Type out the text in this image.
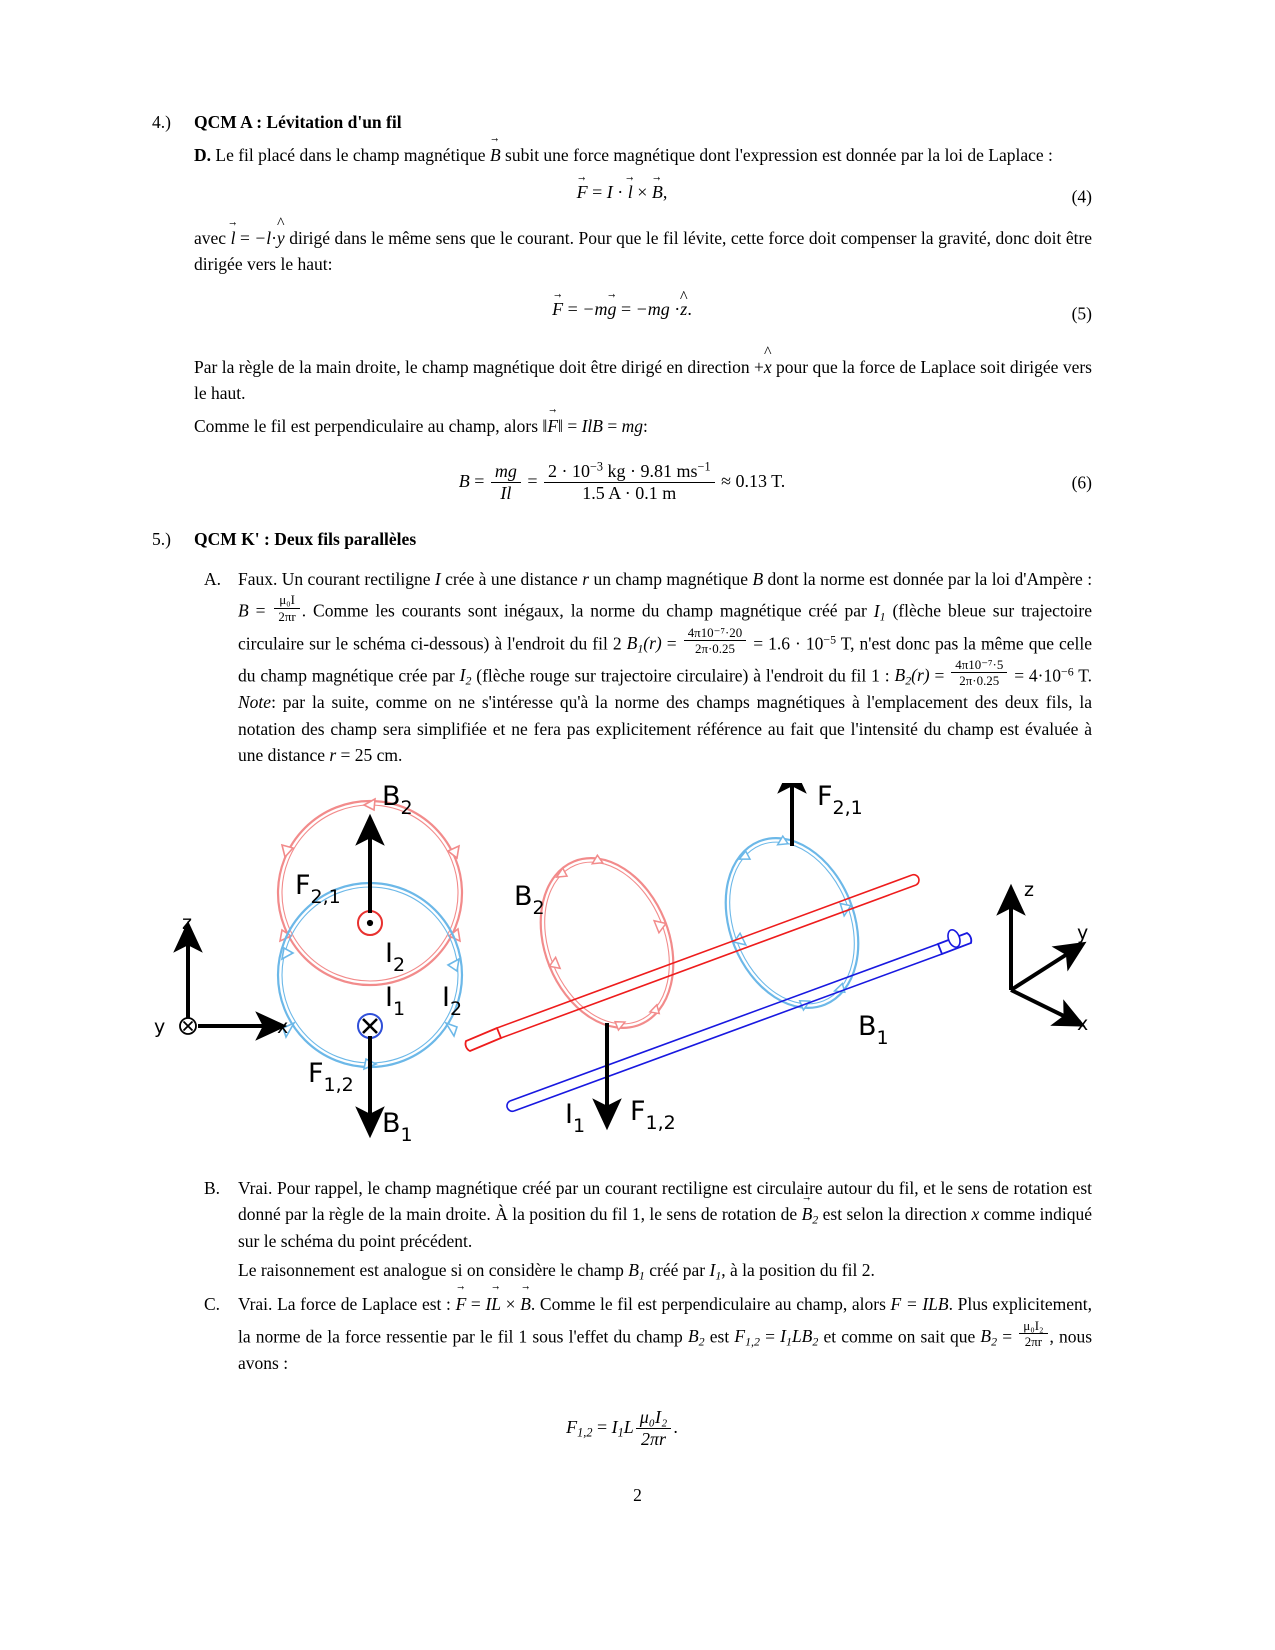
4.) QCM A : Lévitation d'un fil
D. Le fil placé dans le champ magnétique B → subit une force magnétique dont l'expression est donnée par la loi de Laplace :
F → = I · l → × B →,	(4)
avec l → = −l·y ^ dirigé dans le même sens que le courant. Pour que le fil lévite, cette force doit compenser la gravité, donc doit être dirigée vers le haut:
F → = −mg → = −mg ·z ^.	(5)
Par la règle de la main droite, le champ magnétique doit être dirigé en direction +x ^ pour que la force de Laplace soit dirigée vers le haut.
Comme le fil est perpendiculaire au champ, alors ‖F →‖ = IlB = mg:
$B = \frac{mg}{Il} = \frac{2 \cdot 10^{-3} kg \cdot 9.81 ms^{-1}}{1.5 A \cdot 0.1 m} \approx 0.13$ T.	(6)
5.) QCM K' : Deux fils parallèles
A. Faux. Un courant rectiligne I crée à une distance r un champ magnétique B dont la norme est donnée par la loi d'Ampère : $B = \frac{\text{μ₀I}}{2\pi r}$ . Comme les courants sont inégaux, la norme du champ magnétique créé par $I_1$ (flèche bleue sur trajectoire circulaire sur le schéma ci-dessous) à l'endroit du fil 2 $B_1(r) = \frac{\text{4π10⁻⁷·20}}{2\pi\cdot 0.25} = 1.6 \cdot 10^{-5}$ T, n'est donc pas la même que celle du champ magnétique crée par $I_2$ (flèche rouge sur trajectoire circulaire) à l'endroit du fil 1 : $B_2(r) = \frac{\text{4π10⁻⁷·5}}{2\pi\cdot 0.25} = 4\cdot 10^{-6}$ T. Note: par la suite, comme on ne s'intéresse qu'à la norme des champs magnétiques à l'emplacement des deux fils, la notation des champ sera simplifiée et ne fera pas explicitement référence au fait que l'intensité du champ est évaluée à une distance r = 25 cm.
$B_2$
$B_1$
$F_{2,1}$
$F_{1,2}$
$I_2$
$I_1$
z
x
y
$F_{2,1}$
$F_{1,2}$
$B_2$
$B_1$
$I_2$
$I_1$
z
y
x
B. Vrai. Pour rappel, le champ magnétique créé par un courant rectiligne est circulaire autour du fil, et le sens de rotation est donné par la règle de la main droite. À la position du fil 1, le sens de rotation de $B \to_2$ est selon la direction x comme indiqué sur le schéma du point précédent.
Le raisonnement est analogue si on considère le champ $B_1$ créé par $I_1$, à la position du fil 2.
C. Vrai. La force de Laplace est : F → = IL → × B →. Comme le fil est perpendiculaire au champ, alors F = ILB. Plus explicitement, la norme de la force ressentie par le fil 1 sous l'effet du champ $B_2$ est $F_{1,2} = I_1LB_2$ et comme on sait que $B_2 = \frac{\text{μ₀I₂}}{2\pi r}$ , nous avons :
$F_{1,2} = I_1L \frac{\text{μ₀I₂}}{2\pi r}$ .
2
